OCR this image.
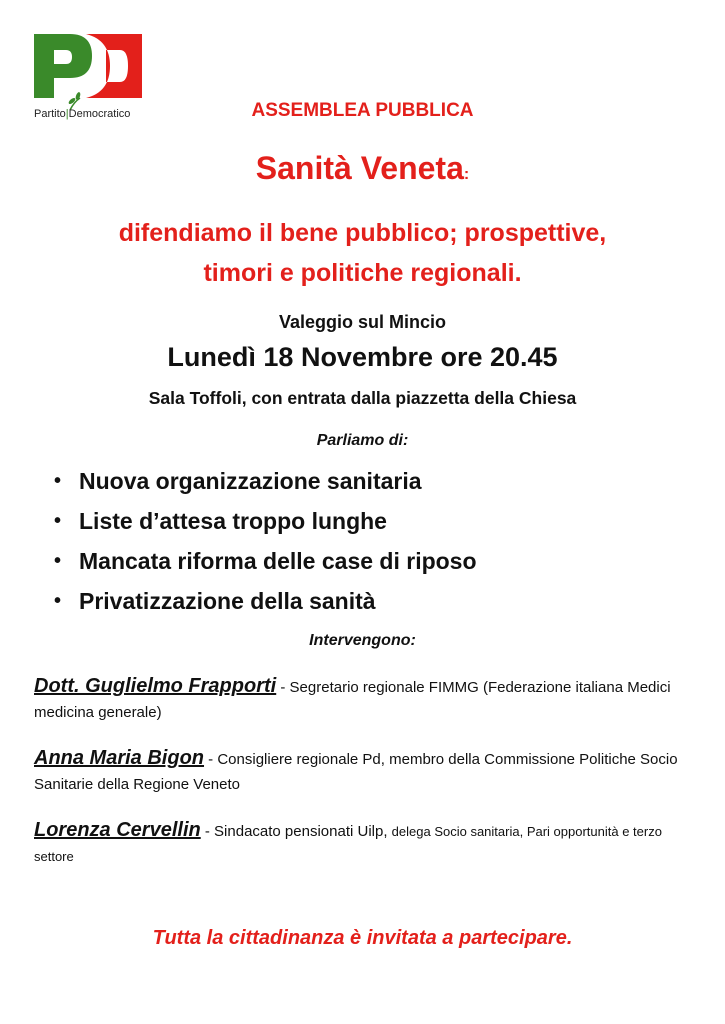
Partito|Democratico	ASSEMBLEA PUBBLICA
Sanità Veneta:
difendiamo il bene pubblico; prospettive,
timori e politiche regionali.
Valeggio sul Mincio
Lunedì 18 Novembre ore 20.45
Sala Toffoli, con entrata dalla piazzetta della Chiesa
Parliamo di:
• Nuova organizzazione sanitaria
• Liste d’attesa troppo lunghe
• Mancata riforma delle case di riposo
• Privatizzazione della sanità
Intervengono:
Dott. Guglielmo Frapporti - Segretario regionale FIMMG (Federazione italiana Medici medicina generale)
Anna Maria Bigon - Consigliere regionale Pd, membro della Commissione Politiche Socio Sanitarie della Regione Veneto
Lorenza Cervellin - Sindacato pensionati Uilp, delega Socio sanitaria, Pari opportunità e terzo settore
Tutta la cittadinanza è invitata a partecipare.
